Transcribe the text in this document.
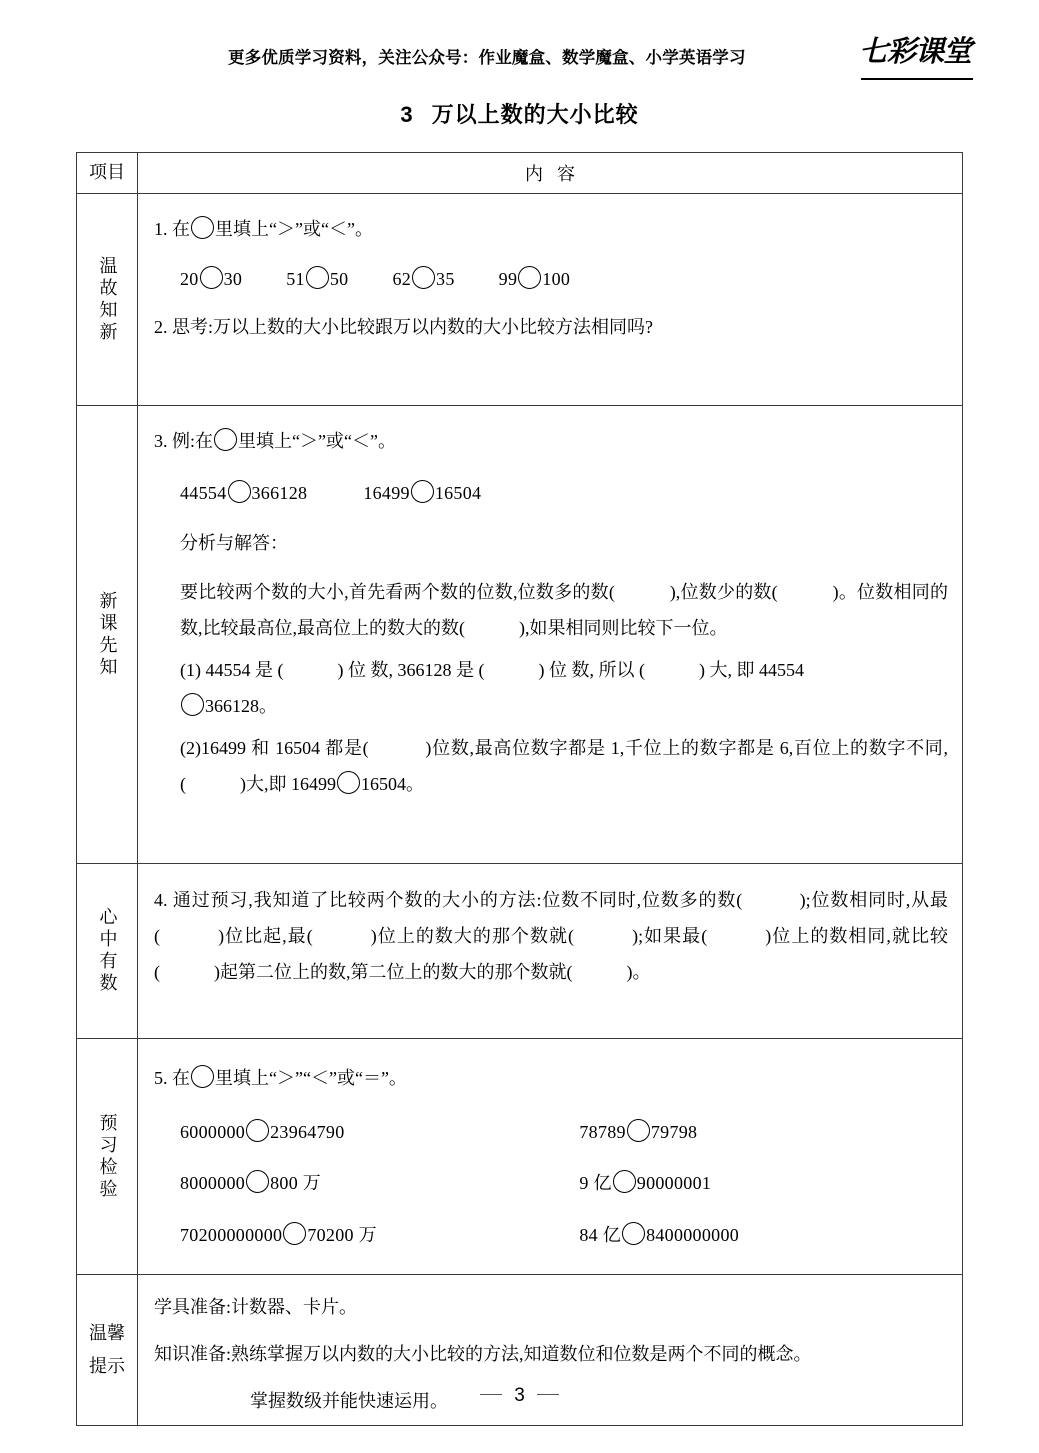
更多优质学习资料，关注公众号：作业魔盒、数学魔盒、小学英语学习	七彩课堂
3 万以上数的大小比较
项目	内容
温故知新
1. 在 里填上“＞”或“＜”。
20 30 51 50 62 35 99 100
2. 思考:万以上数的大小比较跟万以内数的大小比较方法相同吗?
新课先知
3. 例:在 里填上“＞”或“＜”。
44554 366128	16499 16504
分析与解答：
要比较两个数的大小,首先看两个数的位数,位数多的数(　　　),位数少的数(　　　)。位数相同的数,比较最高位,最高位上的数大的数(　　　),如果相同则比较下一位。
(1) 44554 是 (　　　) 位 数, 366128 是 (　　　) 位 数, 所以 (　　　) 大, 即 44554
366128。
(2)16499 和 16504 都是(　　　)位数,最高位数字都是 1,千位上的数字都是 6,百位上的数字不同,(　　　)大,即 16499 16504。
心中有数
4. 通过预习,我知道了比较两个数的大小的方法:位数不同时,位数多的数(　　　);位数相同时,从最(　　　)位比起,最(　　　)位上的数大的那个数就(　　　);如果最(　　　)位上的数相同,就比较(　　　)起第二位上的数,第二位上的数大的那个数就(　　　)。
预习检验
5. 在 里填上“＞”“＜”或“＝”。
6000000 23964790	78789 79798
8000000 800 万	9 亿 90000001
70200000000 70200 万	84 亿 8400000000
温馨
提示
学具准备:计数器、卡片。
知识准备:熟练掌握万以内数的大小比较的方法,知道数位和位数是两个不同的概念。
掌握数级并能快速运用。	3
